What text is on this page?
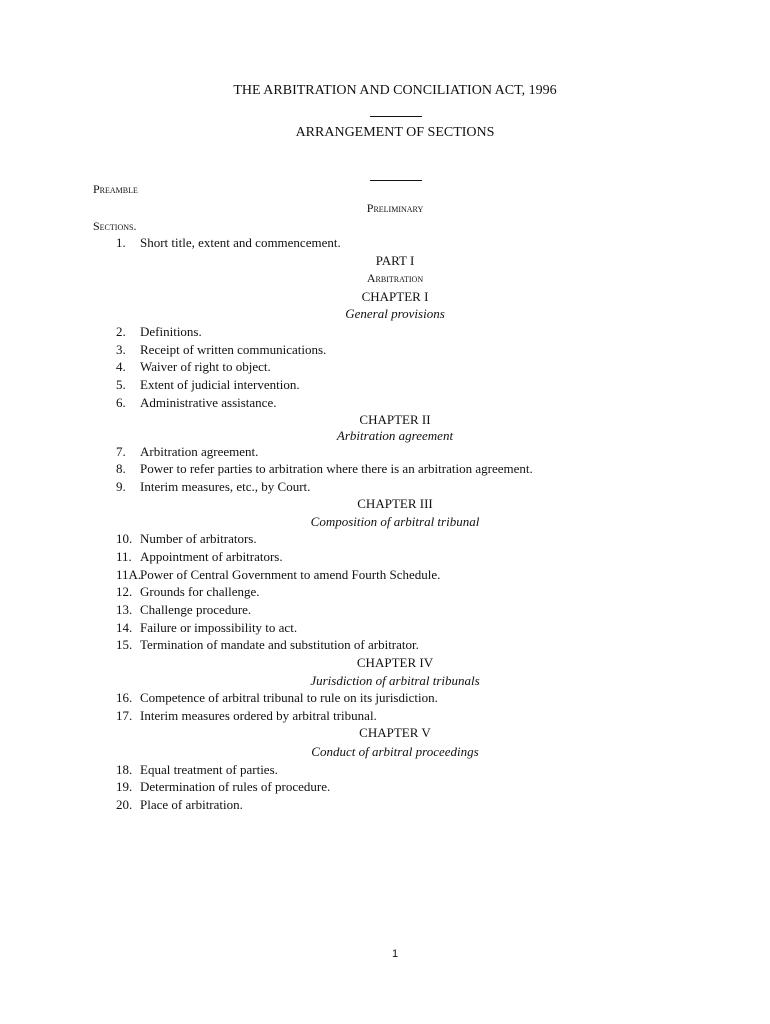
THE ARBITRATION AND CONCILIATION ACT, 1996
ARRANGEMENT OF SECTIONS
Preamble
Preliminary
Sections.
1. Short title, extent and commencement.
PART I
Arbitration
CHAPTER I
General provisions
2. Definitions.
3. Receipt of written communications.
4. Waiver of right to object.
5. Extent of judicial intervention.
6. Administrative assistance.
CHAPTER II
Arbitration agreement
7. Arbitration agreement.
8. Power to refer parties to arbitration where there is an arbitration agreement.
9. Interim measures, etc., by Court.
CHAPTER III
Composition of arbitral tribunal
10. Number of arbitrators.
11. Appointment of arbitrators.
11A.Power of Central Government to amend Fourth Schedule.
12. Grounds for challenge.
13. Challenge procedure.
14. Failure or impossibility to act.
15. Termination of mandate and substitution of arbitrator.
CHAPTER IV
Jurisdiction of arbitral tribunals
16. Competence of arbitral tribunal to rule on its jurisdiction.
17. Interim measures ordered by arbitral tribunal.
CHAPTER V
Conduct of arbitral proceedings
18. Equal treatment of parties.
19. Determination of rules of procedure.
20. Place of arbitration.
1
